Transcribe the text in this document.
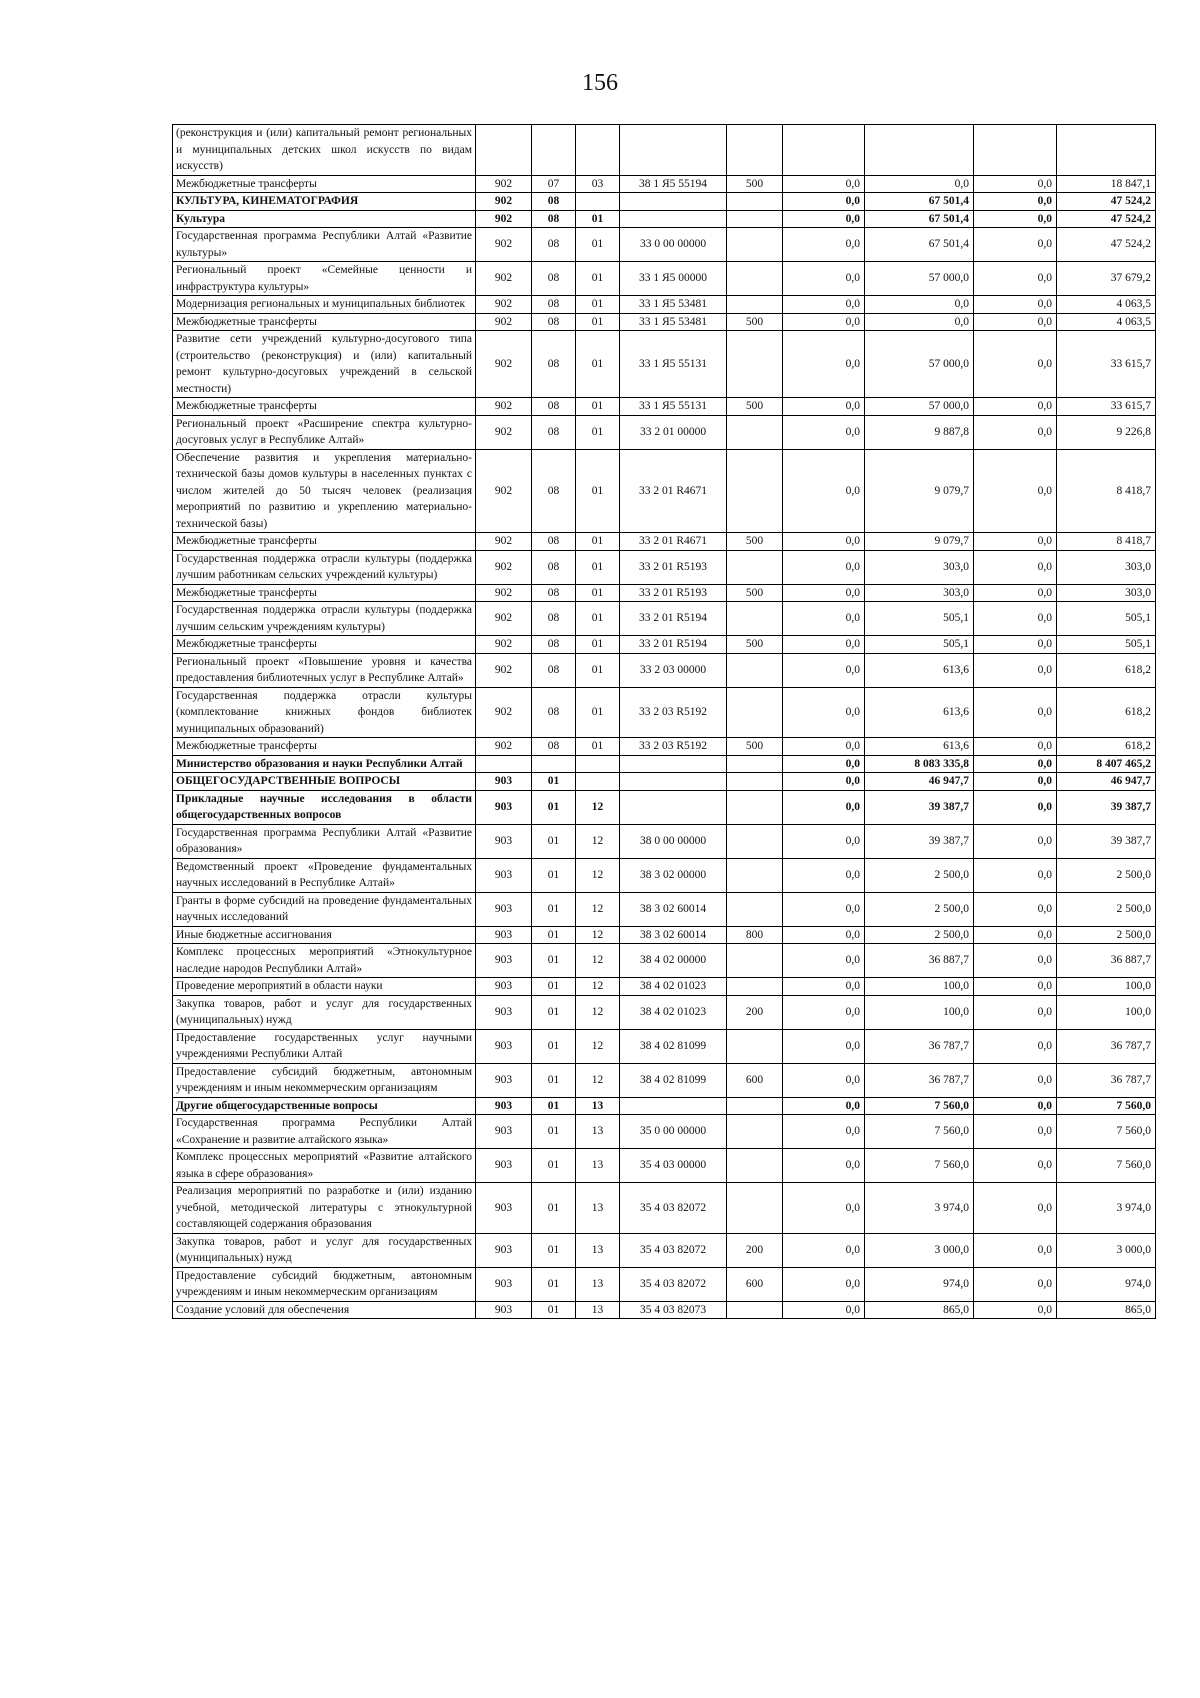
156
(реконструкция и (или) капитальный ремонт региональных и муниципальных детских школ искусств по видам искусств)									
Межбюджетные трансферты	902	07	03	38 1 Я5 55194	500	0,0	0,0	0,0	18 847,1
КУЛЬТУРА, КИНЕМАТОГРАФИЯ	902	08				0,0	67 501,4	0,0	47 524,2
Культура	902	08	01			0,0	67 501,4	0,0	47 524,2
Государственная программа Республики Алтай «Развитие культуры»	902	08	01	33 0 00 00000		0,0	67 501,4	0,0	47 524,2
Региональный проект «Семейные ценности и инфраструктура культуры»	902	08	01	33 1 Я5 00000		0,0	57 000,0	0,0	37 679,2
Модернизация региональных и муниципальных библиотек	902	08	01	33 1 Я5 53481		0,0	0,0	0,0	4 063,5
Межбюджетные трансферты	902	08	01	33 1 Я5 53481	500	0,0	0,0	0,0	4 063,5
Развитие сети учреждений культурно-досугового типа (строительство (реконструкция) и (или) капитальный ремонт культурно-досуговых учреждений в сельской местности)	902	08	01	33 1 Я5 55131		0,0	57 000,0	0,0	33 615,7
Межбюджетные трансферты	902	08	01	33 1 Я5 55131	500	0,0	57 000,0	0,0	33 615,7
Региональный проект «Расширение спектра культурно-досуговых услуг в Республике Алтай»	902	08	01	33 2 01 00000		0,0	9 887,8	0,0	9 226,8
Обеспечение развития и укрепления материально-технической базы домов культуры в населенных пунктах с числом жителей до 50 тысяч человек (реализация мероприятий по развитию и укреплению материально-технической базы)	902	08	01	33 2 01 R4671		0,0	9 079,7	0,0	8 418,7
Межбюджетные трансферты	902	08	01	33 2 01 R4671	500	0,0	9 079,7	0,0	8 418,7
Государственная поддержка отрасли культуры (поддержка лучшим работникам сельских учреждений культуры)	902	08	01	33 2 01 R5193		0,0	303,0	0,0	303,0
Межбюджетные трансферты	902	08	01	33 2 01 R5193	500	0,0	303,0	0,0	303,0
Государственная поддержка отрасли культуры (поддержка лучшим сельским учреждениям культуры)	902	08	01	33 2 01 R5194		0,0	505,1	0,0	505,1
Межбюджетные трансферты	902	08	01	33 2 01 R5194	500	0,0	505,1	0,0	505,1
Региональный проект «Повышение уровня и качества предоставления библиотечных услуг в Республике Алтай»	902	08	01	33 2 03 00000		0,0	613,6	0,0	618,2
Государственная поддержка отрасли культуры (комплектование книжных фондов библиотек муниципальных образований)	902	08	01	33 2 03 R5192		0,0	613,6	0,0	618,2
Межбюджетные трансферты	902	08	01	33 2 03 R5192	500	0,0	613,6	0,0	618,2
Министерство образования и науки Республики Алтай						0,0	8 083 335,8	0,0	8 407 465,2
ОБЩЕГОСУДАРСТВЕННЫЕ ВОПРОСЫ	903	01				0,0	46 947,7	0,0	46 947,7
Прикладные научные исследования в области общегосударственных вопросов	903	01	12			0,0	39 387,7	0,0	39 387,7
Государственная программа Республики Алтай «Развитие образования»	903	01	12	38 0 00 00000		0,0	39 387,7	0,0	39 387,7
Ведомственный проект «Проведение фундаментальных научных исследований в Республике Алтай»	903	01	12	38 3 02 00000		0,0	2 500,0	0,0	2 500,0
Гранты в форме субсидий на проведение фундаментальных научных исследований	903	01	12	38 3 02 60014		0,0	2 500,0	0,0	2 500,0
Иные бюджетные ассигнования	903	01	12	38 3 02 60014	800	0,0	2 500,0	0,0	2 500,0
Комплекс процессных мероприятий «Этнокультурное наследие народов Республики Алтай»	903	01	12	38 4 02 00000		0,0	36 887,7	0,0	36 887,7
Проведение мероприятий в области науки	903	01	12	38 4 02 01023		0,0	100,0	0,0	100,0
Закупка товаров, работ и услуг для государственных (муниципальных) нужд	903	01	12	38 4 02 01023	200	0,0	100,0	0,0	100,0
Предоставление государственных услуг научными учреждениями Республики Алтай	903	01	12	38 4 02 81099		0,0	36 787,7	0,0	36 787,7
Предоставление субсидий бюджетным, автономным учреждениям и иным некоммерческим организациям	903	01	12	38 4 02 81099	600	0,0	36 787,7	0,0	36 787,7
Другие общегосударственные вопросы	903	01	13			0,0	7 560,0	0,0	7 560,0
Государственная программа Республики Алтай «Сохранение и развитие алтайского языка»	903	01	13	35 0 00 00000		0,0	7 560,0	0,0	7 560,0
Комплекс процессных мероприятий «Развитие алтайского языка в сфере образования»	903	01	13	35 4 03 00000		0,0	7 560,0	0,0	7 560,0
Реализация мероприятий по разработке и (или) изданию учебной, методической литературы с этнокультурной составляющей содержания образования	903	01	13	35 4 03 82072		0,0	3 974,0	0,0	3 974,0
Закупка товаров, работ и услуг для государственных (муниципальных) нужд	903	01	13	35 4 03 82072	200	0,0	3 000,0	0,0	3 000,0
Предоставление субсидий бюджетным, автономным учреждениям и иным некоммерческим организациям	903	01	13	35 4 03 82072	600	0,0	974,0	0,0	974,0
Создание условий для обеспечения	903	01	13	35 4 03 82073		0,0	865,0	0,0	865,0
